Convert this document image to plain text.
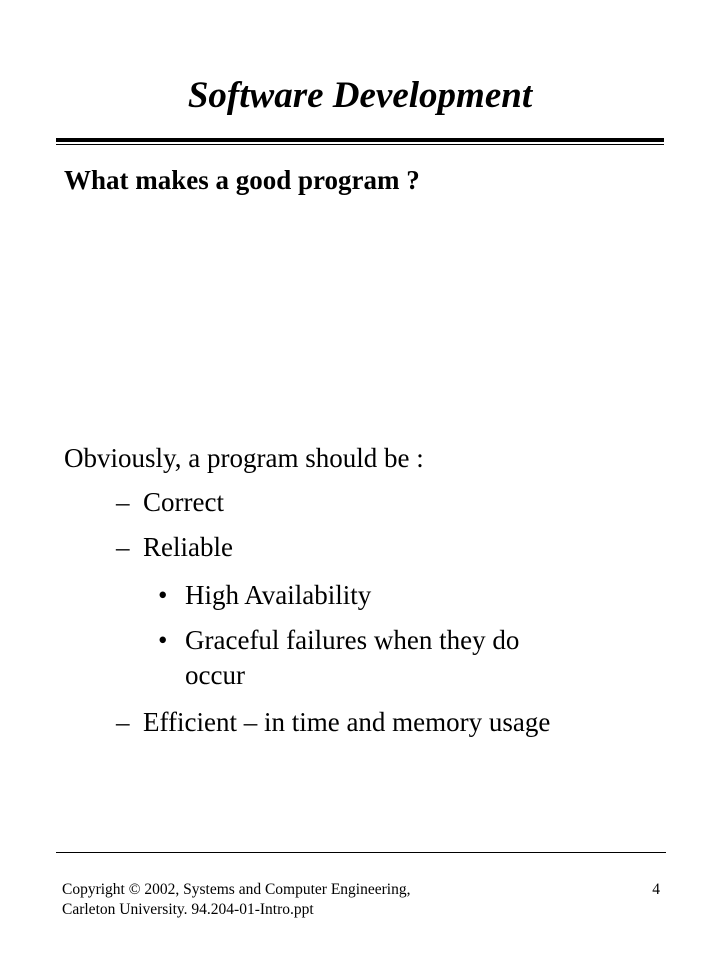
Software Development
What makes a good program ?
Obviously, a program should be :
– Correct
– Reliable
• High Availability
• Graceful failures when they do
occur
– Efficient – in time and memory usage
Copyright © 2002, Systems and Computer Engineering,
Carleton University. 94.204-01-Intro.ppt
4
